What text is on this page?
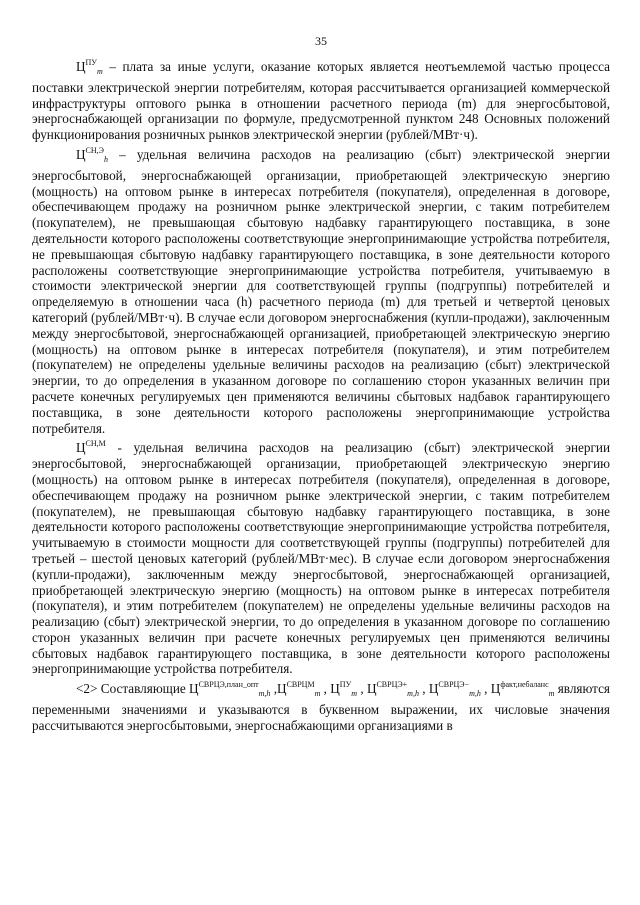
35

$Ц^{ПУ}_m$ – плата за иные услуги, оказание которых является неотъемлемой частью процесса поставки электрической энергии потребителям, которая рассчитывается организацией коммерческой инфраструктуры оптового рынка в отношении расчетного периода (m) для энергосбытовой, энергоснабжающей организации по формуле, предусмотренной пунктом 248 Основных положений функционирования розничных рынков электрической энергии (рублей/МВт·ч).

$Ц^{СН,Э}_h$ – удельная величина расходов на реализацию (сбыт) электрической энергии энергосбытовой, энергоснабжающей организации, приобретающей электрическую энергию (мощность) на оптовом рынке в интересах потребителя (покупателя), определенная в договоре, обеспечивающем продажу на розничном рынке электрической энергии, с таким потребителем (покупателем), не превышающая сбытовую надбавку гарантирующего поставщика, в зоне деятельности которого расположены соответствующие энергопринимающие устройства потребителя, не превышающая сбытовую надбавку гарантирующего поставщика, в зоне деятельности которого расположены соответствующие энергопринимающие устройства потребителя, учитываемую в стоимости электрической энергии для соответствующей группы (подгруппы) потребителей и определяемую в отношении часа (h) расчетного периода (m) для третьей и четвертой ценовых категорий (рублей/МВт·ч). В случае если договором энергоснабжения (купли-продажи), заключенным между энергосбытовой, энергоснабжающей организацией, приобретающей электрическую энергию (мощность) на оптовом рынке в интересах потребителя (покупателя), и этим потребителем (покупателем) не определены удельные величины расходов на реализацию (сбыт) электрической энергии, то до определения в указанном договоре по соглашению сторон указанных величин при расчете конечных регулируемых цен применяются величины сбытовых надбавок гарантирующего поставщика, в зоне деятельности которого расположены энергопринимающие устройства потребителя.

$Ц^{СН,М}$ - удельная величина расходов на реализацию (сбыт) электрической энергии энергосбытовой, энергоснабжающей организации, приобретающей электрическую энергию (мощность) на оптовом рынке в интересах потребителя (покупателя), определенная в договоре, обеспечивающем продажу на розничном рынке электрической энергии, с таким потребителем (покупателем), не превышающая сбытовую надбавку гарантирующего поставщика, в зоне деятельности которого расположены соответствующие энергопринимающие устройства потребителя, учитываемую в стоимости мощности для соответствующей группы (подгруппы) потребителей для третьей – шестой ценовых категорий (рублей/МВт·мес). В случае если договором энергоснабжения (купли-продажи), заключенным между энергосбытовой, энергоснабжающей организацией, приобретающей электрическую энергию (мощность) на оптовом рынке в интересах потребителя (покупателя), и этим потребителем (покупателем) не определены удельные величины расходов на реализацию (сбыт) электрической энергии, то до определения в указанном договоре по соглашению сторон указанных величин при расчете конечных регулируемых цен применяются величины сбытовых надбавок гарантирующего поставщика, в зоне деятельности которого расположены энергопринимающие устройства потребителя.

<2> Составляющие $Ц^{СВРЦЭ,план\_опт}_{m,h}$ $,Ц^{СВРЦМ}_m$ , $Ц^{ПУ}_m$ , $Ц^{СВРЦЭ+}_{m,h}$ , $Ц^{СВРЦЭ-}_{m,h}$ , $Ц^{факт,небаланс}_m$ являются переменными значениями и указываются в буквенном выражении, их числовые значения рассчитываются энергосбытовыми, энергоснабжающими организациями в
